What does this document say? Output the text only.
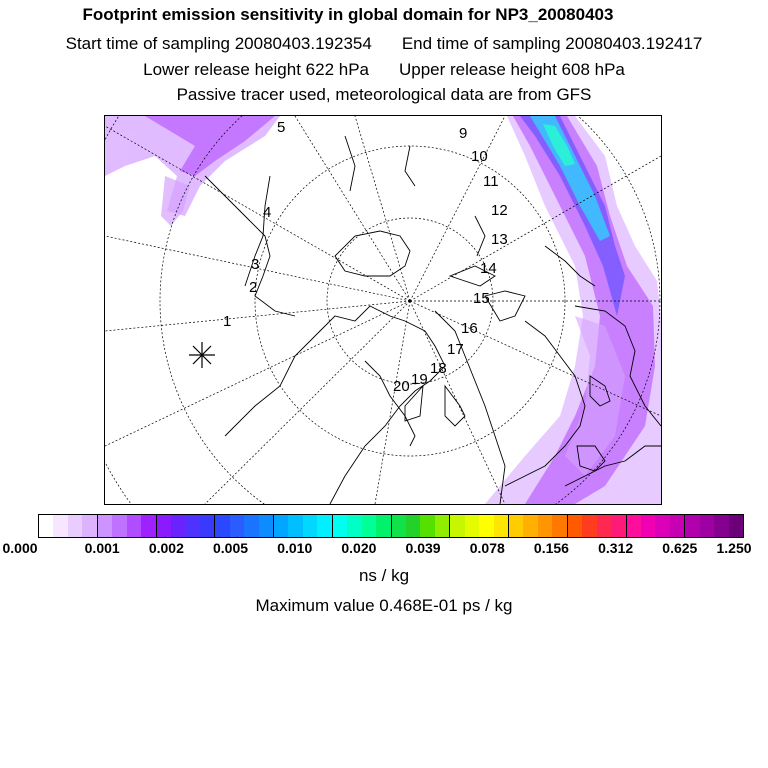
Footprint emission sensitivity in global domain for NP3_20080403
Start time of sampling 20080403.192354 End time of sampling 20080403.192417
Lower release height 622 hPa Upper release height 608 hPa
Passive tracer used, meteorological data are from GFS
1
2
3
4
5	9
10
11
12
13
14
15
16
17
18
19
20
0.000	0.001 0.002 0.005 0.010 0.020 0.039 0.078 0.156 0.312 0.625 1.250
ns / kg
Maximum value 0.468E-01 ps / kg
